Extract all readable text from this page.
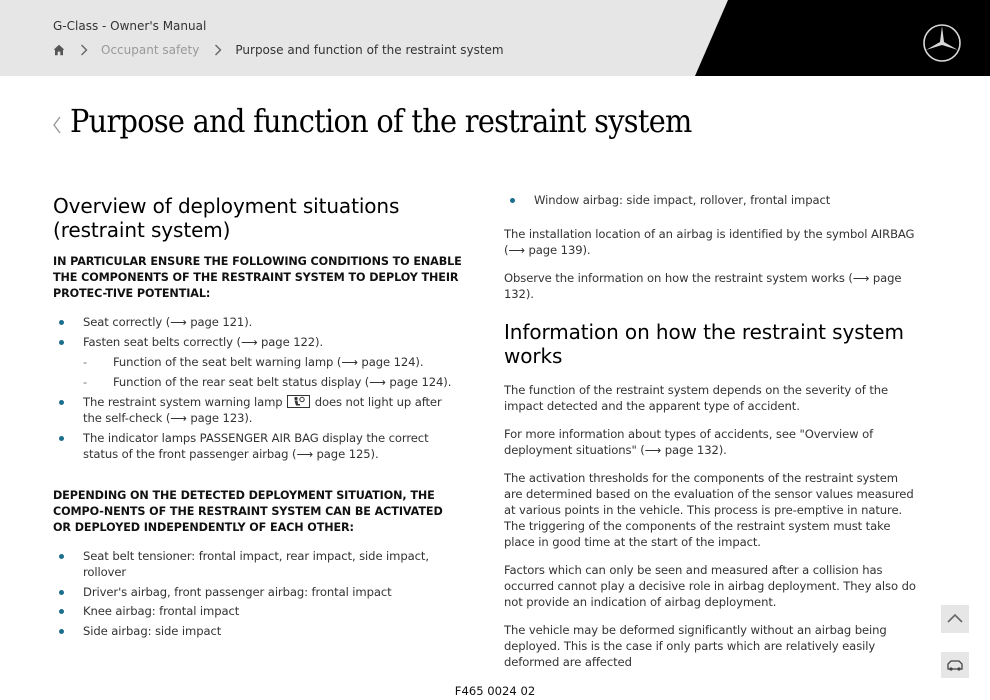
G-Class - Owner's Manual
Occupant safety	Purpose and function of the restraint system
Purpose and function of the restraint system
Overview of deployment situations (restraint system)
IN PARTICULAR ENSURE THE FOLLOWING CONDITIONS TO ENABLE THE COMPONENTS OF THE RESTRAINT SYSTEM TO DEPLOY THEIR PROTEC-TIVE POTENTIAL:
Seat correctly (⟶ page 121).
Fasten seat belts correctly (⟶ page 122).
- Function of the seat belt warning lamp (⟶ page 124).
- Function of the rear seat belt status display (⟶ page 124).
The restraint system warning lamp	does not light up after the self-check (⟶ page 123).
The indicator lamps PASSENGER AIR BAG display the correct status of the front passenger airbag (⟶ page 125).
DEPENDING ON THE DETECTED DEPLOYMENT SITUATION, THE COMPO-NENTS OF THE RESTRAINT SYSTEM CAN BE ACTIVATED OR DEPLOYED INDEPENDENTLY OF EACH OTHER:
Seat belt tensioner: frontal impact, rear impact, side impact, rollover
Driver's airbag, front passenger airbag: frontal impact
Knee airbag: frontal impact
Side airbag: side impact
Window airbag: side impact, rollover, frontal impact

The installation location of an airbag is identified by the symbol AIRBAG (⟶ page 139).

Observe the information on how the restraint system works (⟶ page 132).

Information on how the restraint system works

The function of the restraint system depends on the severity of the impact detected and the apparent type of accident.

For more information about types of accidents, see "Overview of deployment situations" (⟶ page 132).

The activation thresholds for the components of the restraint system are determined based on the evaluation of the sensor values measured at various points in the vehicle. This process is pre-emptive in nature. The triggering of the components of the restraint system must take place in good time at the start of the impact.

Factors which can only be seen and measured after a collision has occurred cannot play a decisive role in airbag deployment. They also do not provide an indication of airbag deployment.

The vehicle may be deformed significantly without an airbag being deployed. This is the case if only parts which are relatively easily deformed are affected

F465 0024 02
